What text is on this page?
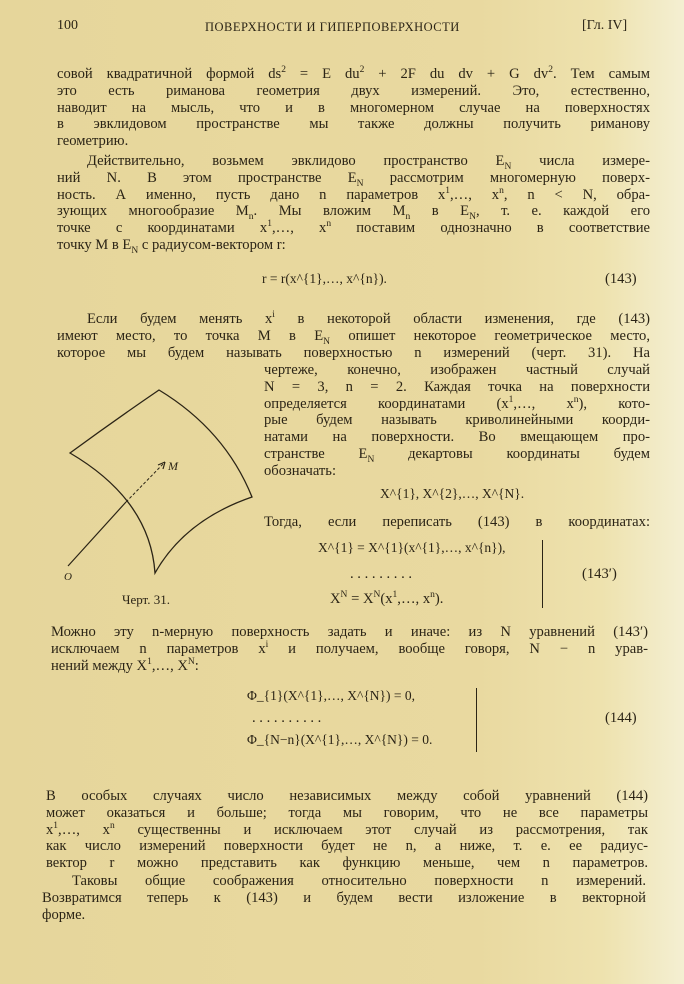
100	ПОВЕРХНОСТИ И ГИПЕРПОВЕРХНОСТИ	[Гл. IV]
совой квадратичной формой $ds^2 = E$ $du^2 + 2F$ du dv + G $dv^2$. Тем самым
это есть риманова геометрия двух измерений. Это, естественно,
наводит на мысль, что и в многомерном случае на поверхностях
в эвклидовом пространстве мы также должны получить риманову
геометрию.
Действительно, возьмем эвклидово пространство $E_N$ числа измере-
ний N. В этом пространстве $E_N$ рассмотрим многомерную поверх-
ность. А именно, пусть дано n параметров $x^1,\dots$, $x^n$, n < N, обра-
зующих многообразие $M_n$. Мы вложим $M_n$ в $E_N$, т. е. каждой его
точке с координатами $x^1,\dots$, $x^n$ поставим однозначно в соответствие
точку M в $E_N$ с радиусом-вектором r:
r = r(x^{1},…, x^{n}).	(143)
Если будем менять $x^i$ в некоторой области изменения, где (143)
имеют место, то точка M в $E_N$ опишет некоторое геометрическое место,
которое мы будем называть поверхностью n измерений (черт. 31). На
чертеже, конечно, изображен частный случай
N = 3, n = 2. Каждая точка на поверхности
определяется координатами ($x^1,\dots$, $x^n$), кото-
рые будем называть криволинейными коорди-
натами на поверхности. Во вмещающем про-
странстве $E_N$ декартовы координаты будем
обозначать:
X^{1}, X^{2},…, X^{N}.
Тогда, если переписать (143) в координатах:
X^{1} = X^{1}(x^{1},…, x^{n}),
. . . . . . . . .
$X^N$ = $X^N(x^1,\dots$, $x^n$).
(143′)
M
O
Черт. 31.
Можно эту n-мерную поверхность задать и иначе: из N уравнений (143′)
исключаем n параметров $x^i$ и получаем, вообще говоря, N − n урав-
нений между $X^1,\dots$, $X^N$:
Φ_{1}(X^{1},…, X^{N}) = 0,
. . . . . . . . . .
Φ_{N−n}(X^{1},…, X^{N}) = 0.
(144)
В особых случаях число независимых между собой уравнений (144)
может оказаться и больше; тогда мы говорим, что не все параметры
$x^1,\dots$, $x^n$ существенны и исключаем этот случай из рассмотрения, так
как число измерений поверхности будет не n, а ниже, т. е. ее радиус-
вектор r можно представить как функцию меньше, чем n параметров.
Таковы общие соображения относительно поверхности n измерений.
Возвратимся теперь к (143) и будем вести изложение в векторной
форме.
